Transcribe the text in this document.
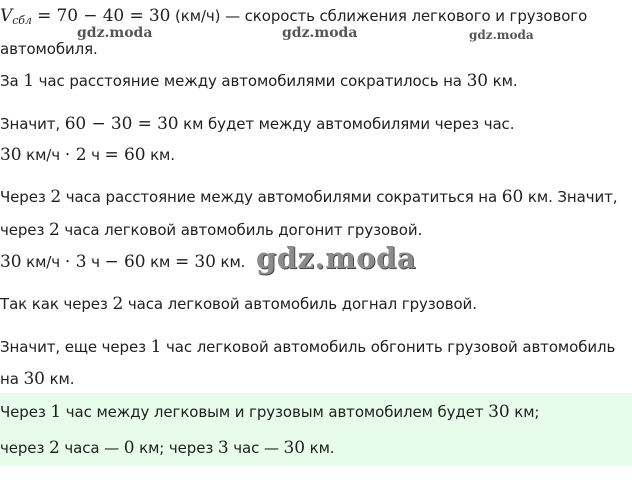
$V_{сбл} = 70 - 40 = 30$ (км/ч) — скорость сближения легкового и грузового
автомобиля.
gdz.moda	gdz.moda	gdz.moda
За 1 час расстояние между автомобилями сократилось на 30 км.
Значит, 60 − 30 = 30 км будет между автомобилями через час.
30 км/ч ⋅ 2 ч = 60 км.
Через 2 часа расстояние между автомобилями сократиться на 60 км. Значит,
через 2 часа легковой автомобиль догонит грузовой.
30 км/ч ⋅ 3 ч − 60 км = 30 км. gdz.moda
Так как через 2 часа легковой автомобиль догнал грузовой.
Значит, еще через 1 час легковой автомобиль обгонить грузовой автомобиль
на 30 км.
Через 1 час между легковым и грузовым автомобилем будет 30 км;
через 2 часа — 0 км; через 3 час — 30 км.
